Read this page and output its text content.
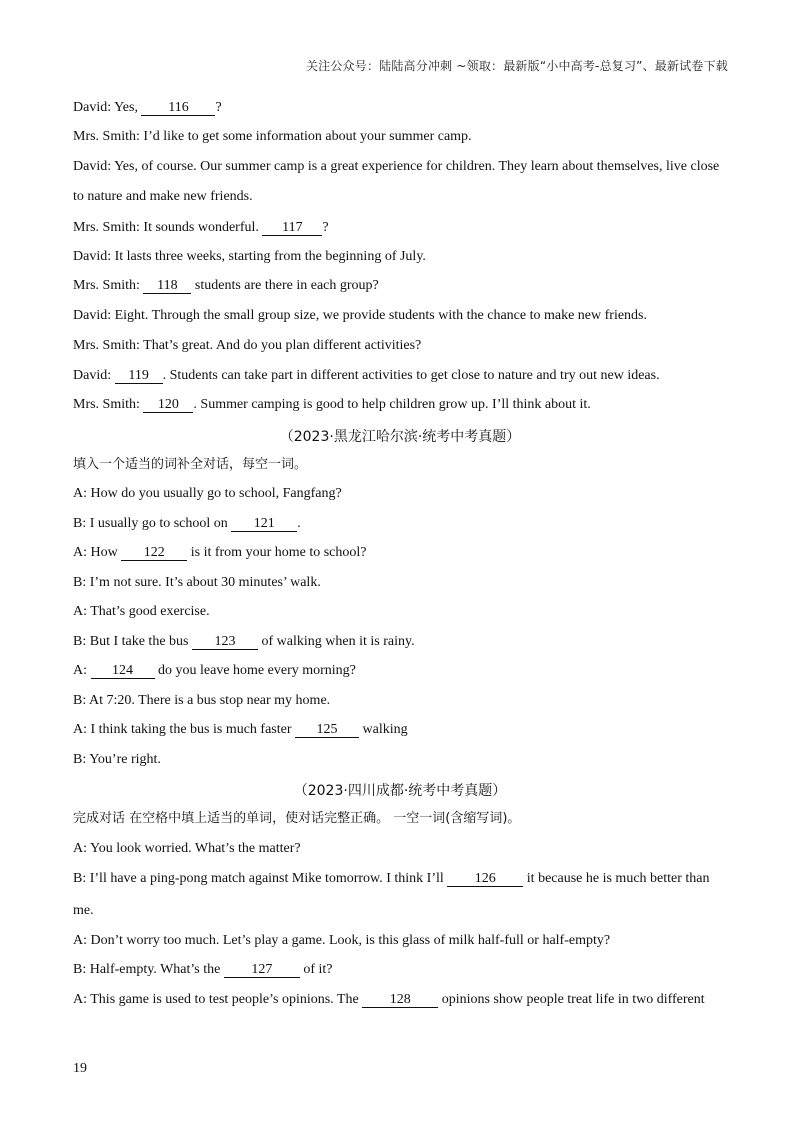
关注公众号：陆陆高分冲刺 ~领取：最新版“小中高考-总复习”、最新试卷下载
David: Yes, 116 ?
Mrs. Smith: I’d like to get some information about your summer camp.
David: Yes, of course. Our summer camp is a great experience for children. They learn about themselves, live close
to nature and make new friends.
Mrs. Smith: It sounds wonderful. 117 ?
David: It lasts three weeks, starting from the beginning of July.
Mrs. Smith: 118 students are there in each group?
David: Eight. Through the small group size, we provide students with the chance to make new friends.
Mrs. Smith: That’s great. And do you plan different activities?
David: 119 . Students can take part in different activities to get close to nature and try out new ideas.
Mrs. Smith: 120 . Summer camping is good to help children grow up. I’ll think about it.
（2023·黑龙江哈尔滨·统考中考真题）
填入一个适当的词补全对话，每空一词。
A: How do you usually go to school, Fangfang?
B: I usually go to school on 121 .
A: How 122 is it from your home to school?
B: I’m not sure. It’s about 30 minutes’ walk.
A: That’s good exercise.
B: But I take the bus 123 of walking when it is rainy.
A: 124 do you leave home every morning?
B: At 7:20. There is a bus stop near my home.
A: I think taking the bus is much faster 125 walking
B: You’re right.
（2023·四川成都·统考中考真题）
完成对话 在空格中填上适当的单词，使对话完整正确。 一空一词(含缩写词)。
A: You look worried. What’s the matter?
B: I’ll have a ping-pong match against Mike tomorrow. I think I’ll 126 it because he is much better than
me.
A: Don’t worry too much. Let’s play a game. Look, is this glass of milk half-full or half-empty?
B: Half-empty. What’s the 127 of it?
A: This game is used to test people’s opinions. The 128 opinions show people treat life in two different
19
